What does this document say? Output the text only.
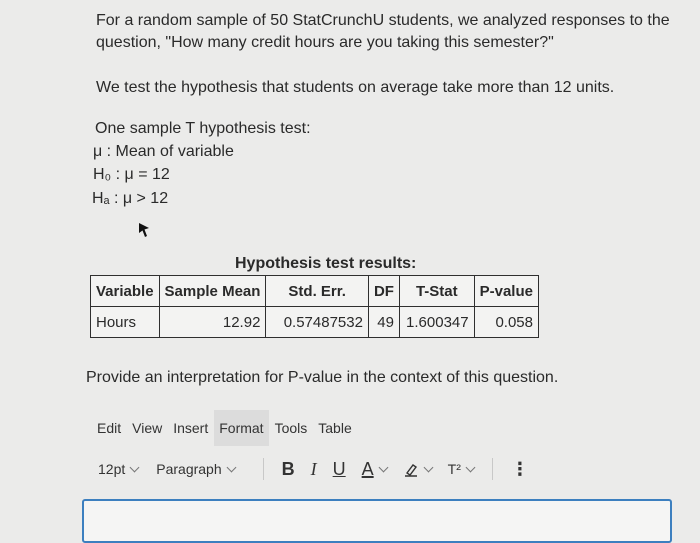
For a random sample of 50 StatCrunchU students, we analyzed responses to the question, "How many credit hours are you taking this semester?"

We test the hypothesis that students on average take more than 12 units.

One sample T hypothesis test:

μ : Mean of variable

H₀ : μ = 12

Hₐ : μ > 12

Hypothesis test results:
Variable	Sample Mean	Std. Err.	DF	T-Stat	P-value
Hours	12.92	0.57487532	49	1.600347	0.058

Provide an interpretation for P-value in the context of this question.

Edit View Insert Format Tools Table
12pt Paragraph	B I U A	T²	⋮
